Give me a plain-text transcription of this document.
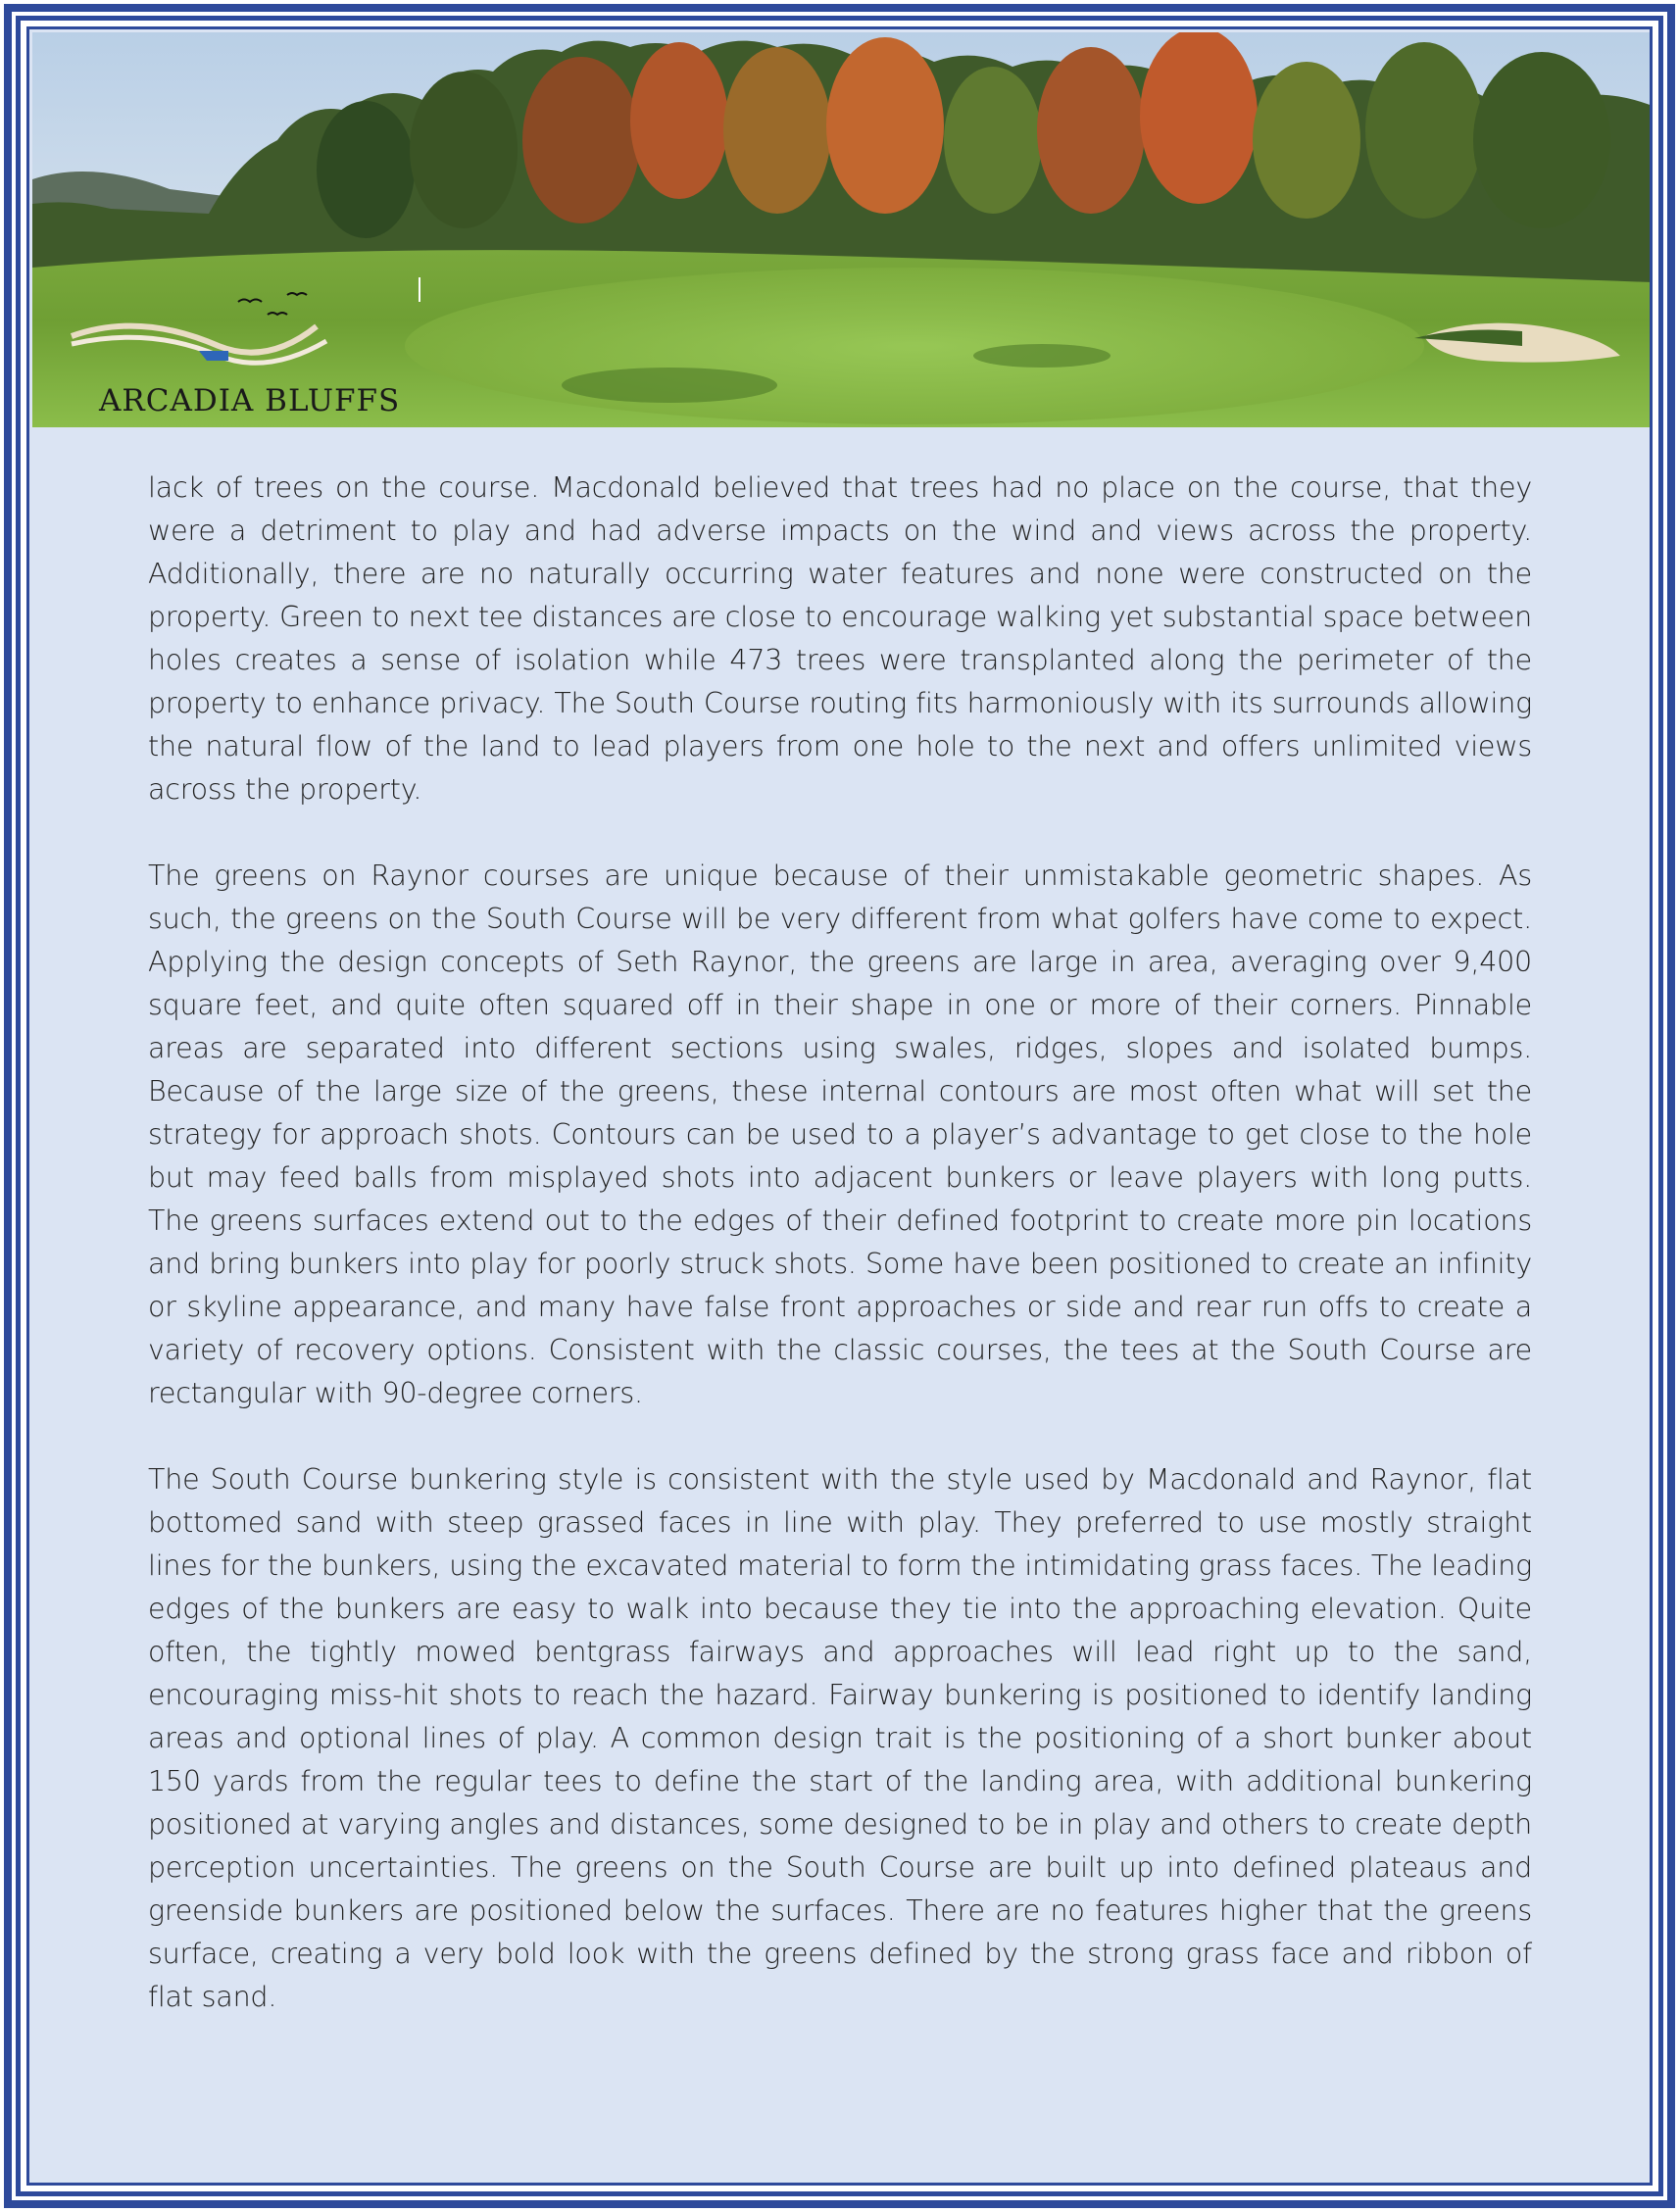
ARCADIA BLUFFS

lack of trees on the course. Macdonald believed that trees had no place on the course, that they were a detriment to play and had adverse impacts on the wind and views across the property. Additionally, there are no naturally occurring water features and none were constructed on the property. Green to next tee distances are close to encourage walking yet substantial space between holes creates a sense of isolation while 473 trees were transplanted along the perimeter of the property to enhance privacy. The South Course routing fits harmoniously with its surrounds allowing the natural flow of the land to lead players from one hole to the next and offers unlimited views across the property.

The greens on Raynor courses are unique because of their unmistakable geometric shapes. As such, the greens on the South Course will be very different from what golfers have come to expect. Applying the design concepts of Seth Raynor, the greens are large in area, averaging over 9,400 square feet, and quite often squared off in their shape in one or more of their corners. Pinnable areas are separated into different sections using swales, ridges, slopes and isolated bumps. Because of the large size of the greens, these internal contours are most often what will set the strategy for approach shots. Contours can be used to a player’s advantage to get close to the hole but may feed balls from misplayed shots into adjacent bunkers or leave players with long putts. The greens surfaces extend out to the edges of their defined footprint to create more pin locations and bring bunkers into play for poorly struck shots. Some have been positioned to create an infinity or skyline appearance, and many have false front approaches or side and rear run offs to create a variety of recovery options. Consistent with the classic courses, the tees at the South Course are rectangular with 90-degree corners.

The South Course bunkering style is consistent with the style used by Macdonald and Raynor, flat bottomed sand with steep grassed faces in line with play. They preferred to use mostly straight lines for the bunkers, using the excavated material to form the intimidating grass faces. The leading edges of the bunkers are easy to walk into because they tie into the approaching elevation. Quite often, the tightly mowed bentgrass fairways and approaches will lead right up to the sand, encouraging miss-hit shots to reach the hazard. Fairway bunkering is positioned to identify landing areas and optional lines of play. A common design trait is the positioning of a short bunker about 150 yards from the regular tees to define the start of the landing area, with additional bunkering positioned at varying angles and distances, some designed to be in play and others to create depth perception uncertainties. The greens on the South Course are built up into defined plateaus and greenside bunkers are positioned below the surfaces. There are no features higher that the greens surface, creating a very bold look with the greens defined by the strong grass face and ribbon of flat sand.
